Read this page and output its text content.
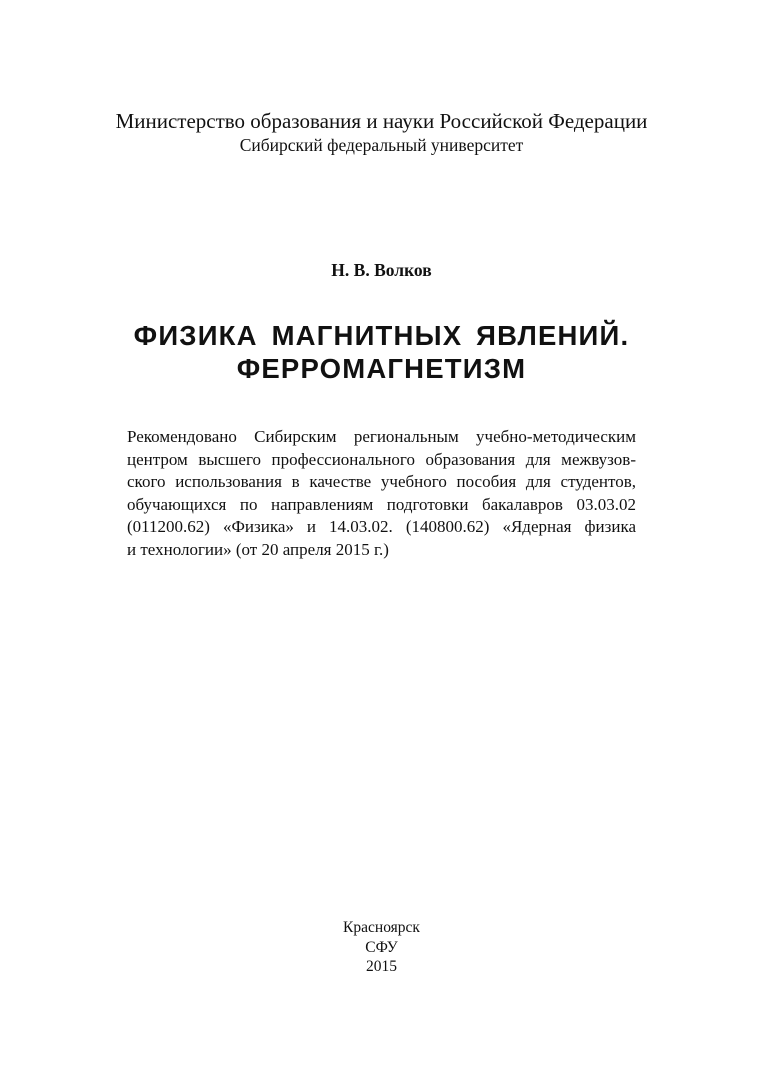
Министерство образования и науки Российской Федерации

Сибирский федеральный университет

Н. В. Волков

ФИЗИКА МАГНИТНЫХ ЯВЛЕНИЙ.
ФЕРРОМАГНЕТИЗМ
Рекомендовано Сибирским региональным учебно-методическим
центром высшего профессионального образования для межвузов-
ского использования в качестве учебного пособия для студентов,
обучающихся по направлениям подготовки бакалавров 03.03.02
(011200.62) «Физика» и 14.03.02. (140800.62) «Ядерная физика
и технологии» (от 20 апреля 2015 г.)
Красноярск
СФУ
2015
